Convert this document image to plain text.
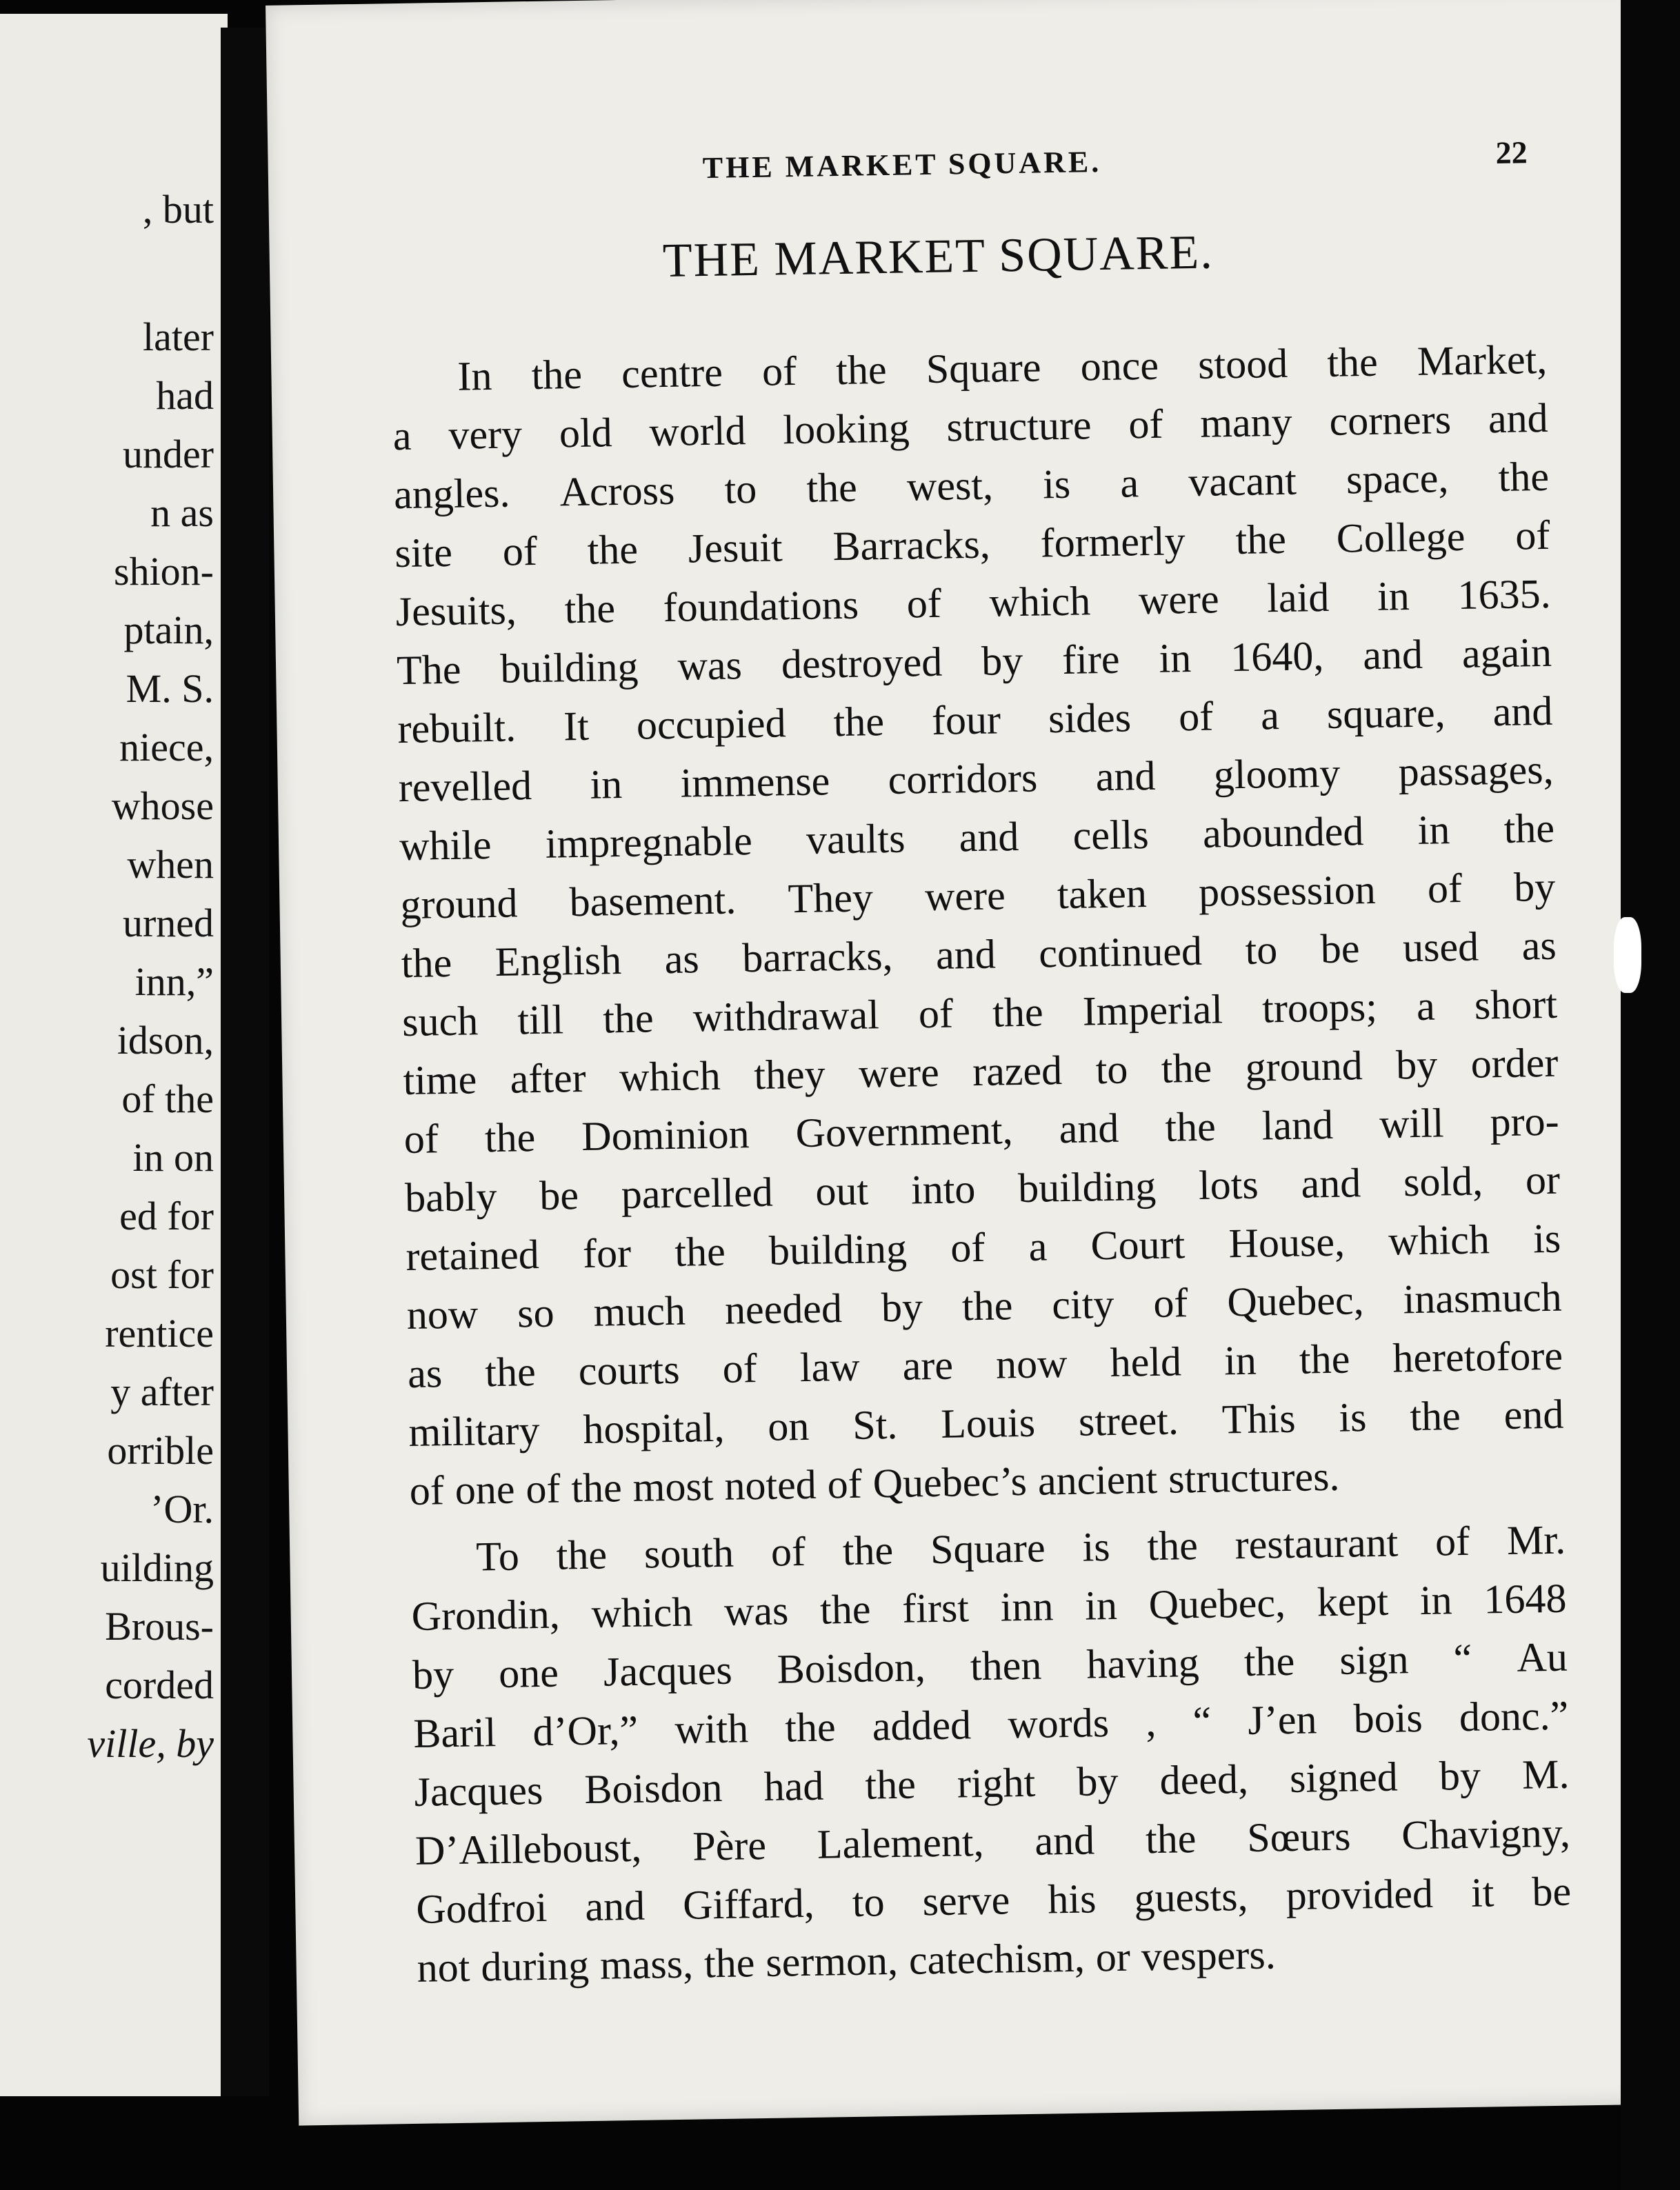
, but
later
had
under
n as
shion-
ptain,
M. S.
niece,
whose
when
urned
inn,”
idson,
of the
in on
ed for
ost for
rentice
y after
orrible
’Or.
uilding
Brous-
corded
ville, by
THE MARKET SQUARE.	22
THE MARKET SQUARE.
In the centre of the Square once stood the Market,
a very old world looking structure of many corners and
angles. Across to the west, is a vacant space, the
site of the Jesuit Barracks, formerly the College of
Jesuits, the foundations of which were laid in 1635.
The building was destroyed by fire in 1640, and again
rebuilt. It occupied the four sides of a square, and
revelled in immense corridors and gloomy passages,
while impregnable vaults and cells abounded in the
ground basement. They were taken possession of by
the English as barracks, and continued to be used as
such till the withdrawal of the Imperial troops; a short
time after which they were razed to the ground by order
of the Dominion Government, and the land will pro-
bably be parcelled out into building lots and sold, or
retained for the building of a Court House, which is
now so much needed by the city of Quebec, inasmuch
as the courts of law are now held in the heretofore
military hospital, on St. Louis street. This is the end
of one of the most noted of Quebec’s ancient structures.
To the south of the Square is the restaurant of Mr.
Grondin, which was the first inn in Quebec, kept in 1648
by one Jacques Boisdon, then having the sign “ Au
Baril d’Or,” with the added words , “ J’en bois donc.”
Jacques Boisdon had the right by deed, signed by M.
D’Ailleboust, Père Lalement, and the Sœurs Chavigny,
Godfroi and Giffard, to serve his guests, provided it be
not during mass, the sermon, catechism, or vespers.
